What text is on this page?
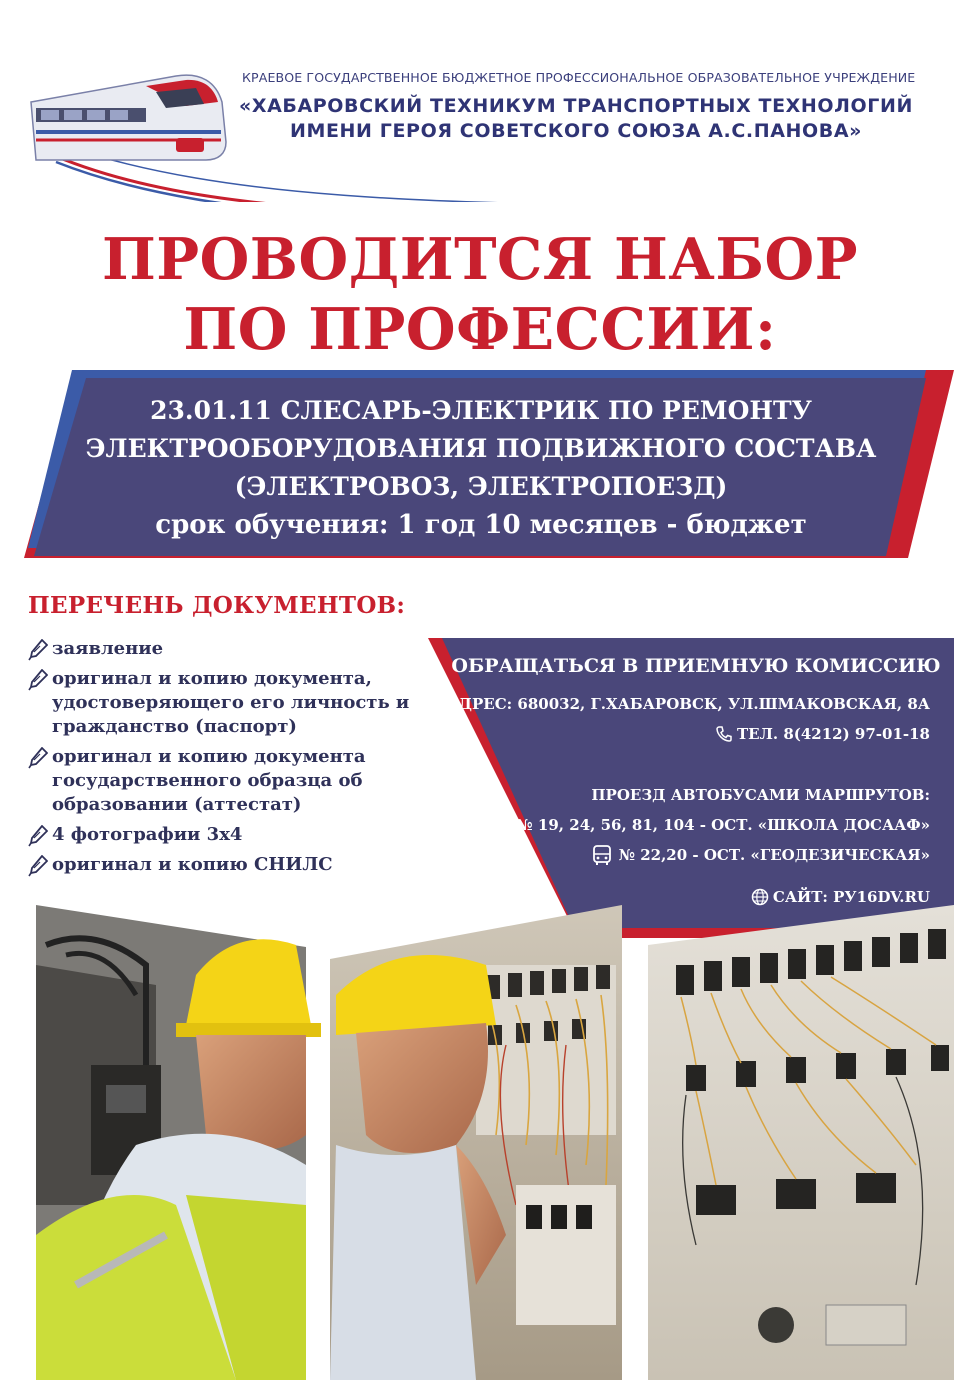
КРАЕВОЕ ГОСУДАРСТВЕННОЕ БЮДЖЕТНОЕ ПРОФЕССИОНАЛЬНОЕ ОБРАЗОВАТЕЛЬНОЕ УЧРЕЖДЕНИЕ
«ХАБАРОВСКИЙ ТЕХНИКУМ ТРАНСПОРТНЫХ ТЕХНОЛОГИЙ
ИМЕНИ ГЕРОЯ СОВЕТСКОГО СОЮЗА А.С.ПАНОВА»
ПРОВОДИТСЯ НАБОР
ПО ПРОФЕССИИ:
23.01.11 СЛЕСАРЬ-ЭЛЕКТРИК ПО РЕМОНТУ
ЭЛЕКТРООБОРУДОВАНИЯ ПОДВИЖНОГО СОСТАВА
(ЭЛЕКТРОВОЗ, ЭЛЕКТРОПОЕЗД)
срок обучения: 1 год 10 месяцев - бюджет
ПЕРЕЧЕНЬ ДОКУМЕНТОВ:
заявление
оригинал и копию документа,
удостоверяющего его личность и
гражданство (паспорт)
оригинал и копию документа
государственного образца об
образовании (аттестат)
4 фотографии 3х4
оригинал и копию СНИЛС
ОБРАЩАТЬСЯ В ПРИЕМНУЮ КОМИССИЮ
АДРЕС: 680032, Г.ХАБАРОВСК, УЛ.ШМАКОВСКАЯ, 8А
ТЕЛ. 8(4212) 97-01-18
ПРОЕЗД АВТОБУСАМИ МАРШРУТОВ:
№ 19, 24, 56, 81, 104 - ОСТ. «ШКОЛА ДОСААФ»
№ 22,20 - ОСТ. «ГЕОДЕЗИЧЕСКАЯ»
САЙТ: РУ16DV.RU
